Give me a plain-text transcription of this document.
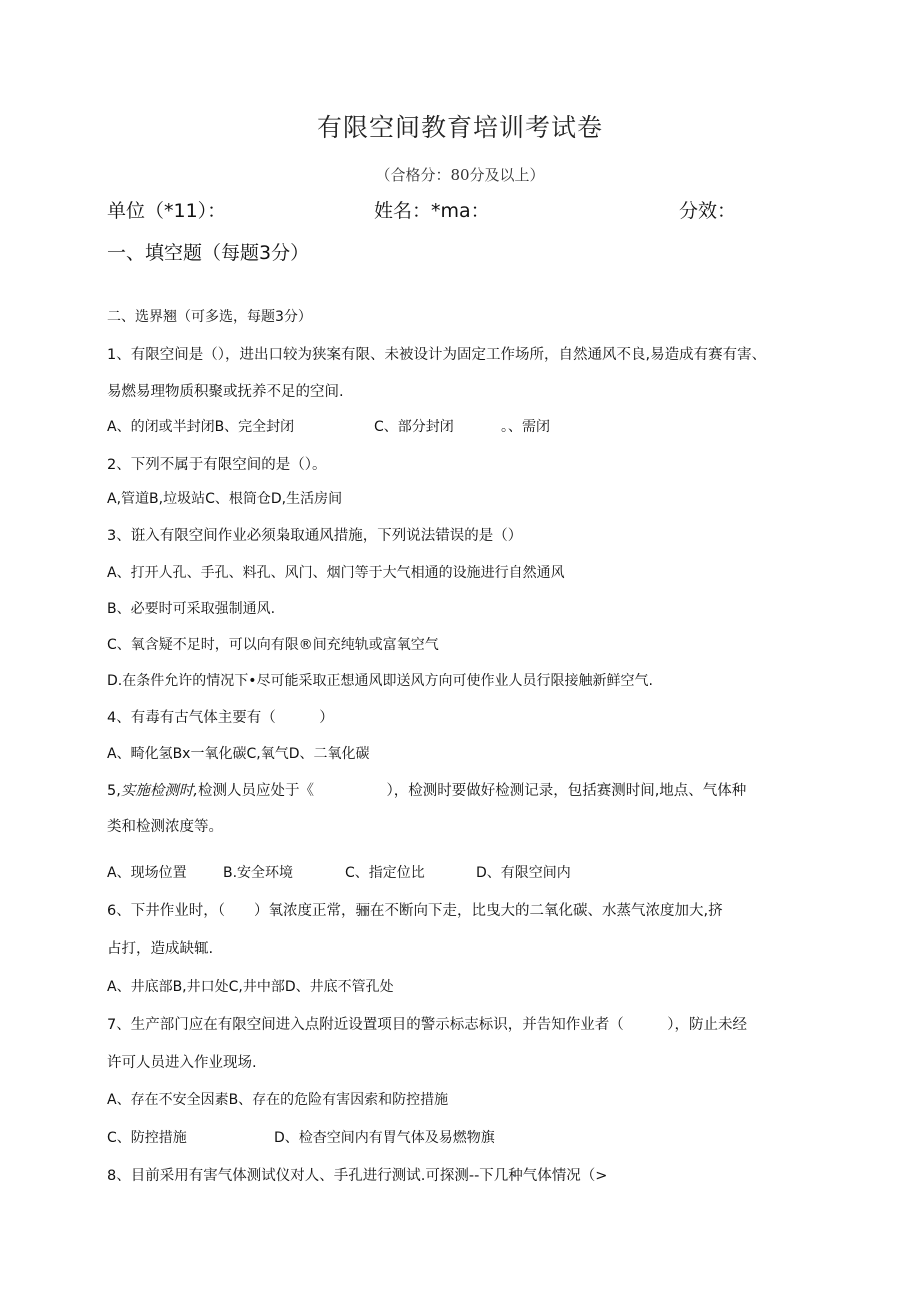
有限空间教育培训考试卷
（合格分：80分及以上）
单位（*11）：	姓名：*ma：	分效：
一、填空题（每题3分）
二、选界翘（可多选，每题3分）
1、有限空间是（），进出口较为狭案有限、未被设计为固定工作场所，自然通风不良,易造成有赛有害、
易燃易理物质积聚或抚养不足的空间.
A、的闭或半封闭B、完全封闭	C、部分封闭	。、需闭
2、下列不属于有限空间的是（）。
A,管道B,垃圾站C、根筒仓D,生活房间
3、诳入有限空间作业必须枭取通风措施，下列说法错误的是（）
A、打开人孔、手孔、料孔、风门、烟门等于大气相通的设施进行自然通风
B、必要时可采取强制通风.
C、氧含疑不足时，可以向有限®间充纯轨或富氧空气
D.在条件允许的情况下•尽可能采取正想通风即送风方向可使作业人员行限接触新鲜空气.
4、有毒有古气体主要有（　　　）
A、畸化氢Bx一氧化碳C,氧气D、二氧化碳
5,实施检测时,检测人员应处于《　　　　　），检测时要做好检测记录，包括赛测时间,地点、气体种
类和检测浓度等。
A、现场位置	B.安全环境	C、指定位比	D、有限空间内
6、下井作业时，（　　）氧浓度正常，骊在不断向下走，比曳大的二氧化碳、水蒸气浓度加大,挤
占打，造成缺辄.
A、井底部B,井口处C,井中部D、井底不管孔处
7、生产部门应在有限空间进入点附近设置项目的警示标志标识，并告知作业者（　　　），防止未经
许可人员进入作业现场.
A、存在不安全因素B、存在的危险有害因索和防控措施
C、防控措施	D、检杳空间内有胃气体及易燃物旗
8、目前采用有害气体测试仪对人、手孔进行测试.可探测--下几种气体情况（>
